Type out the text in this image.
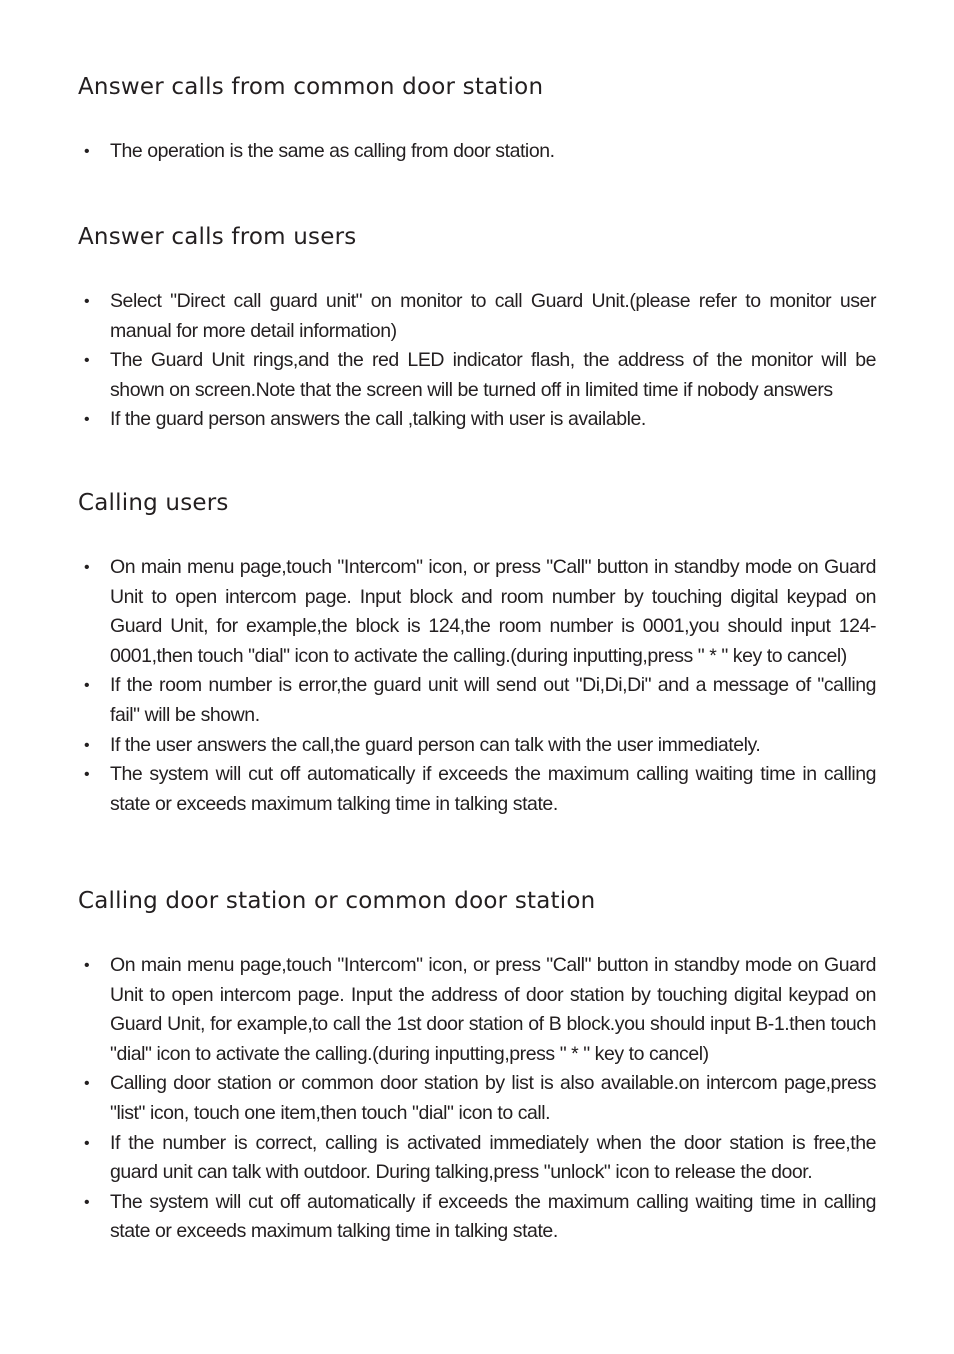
Answer calls from common door station
• The operation is the same as calling from door station.
Answer calls from users
• Select "Direct call guard unit" on monitor to call Guard Unit.(please refer to monitor user manual for more detail information)
• The Guard Unit rings,and the red LED indicator flash, the address of the monitor will be shown on screen.Note that the screen will be turned off in limited time if nobody answers
• If the guard person answers the call ,talking with user is available.
Calling users
• On main menu page,touch "Intercom" icon, or press "Call" button in standby mode on Guard Unit to open intercom page. Input block and room number by touching digital keypad on Guard Unit, for example,the block is 124,the room number is 0001,you should input 124-0001,then touch "dial" icon to activate the calling.(during inputting,press " * " key to cancel)
• If the room number is error,the guard unit will send out "Di,Di,Di" and a message of "calling fail" will be shown.
• If the user answers the call,the guard person can talk with the user immediately.
• The system will cut off automatically if exceeds the maximum calling waiting time in calling state or exceeds maximum talking time in talking state.
Calling door station or common door station
• On main menu page,touch "Intercom" icon, or press "Call" button in standby mode on Guard Unit to open intercom page. Input the address of door station by touching digital keypad on Guard Unit, for example,to call the 1st door station of B block.you should input B-1.then touch "dial" icon to activate the calling.(during inputting,press " * " key to cancel)
• Calling door station or common door station by list is also available.on intercom page,press "list" icon, touch one item,then touch "dial" icon to call.
• If the number is correct, calling is activated immediately when the door station is free,the guard unit can talk with outdoor. During talking,press "unlock" icon to release the door.
• The system will cut off automatically if exceeds the maximum calling waiting time in calling state or exceeds maximum talking time in talking state.
